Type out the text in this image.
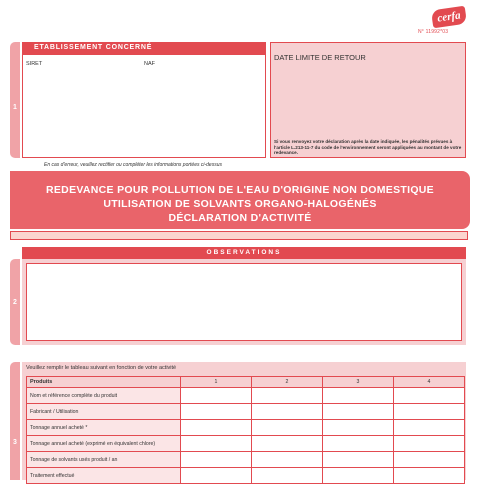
cerfa
N° 11992*03
1
ETABLISSEMENT CONCERNÉ
SIRET	NAF
DATE LIMITE DE RETOUR
Si vous renvoyez votre déclaration après la date indiquée, les pénalités prévues à l'article L.213-11-7 du code de l'environnement seront appliquées au montant de votre redevance.
En cas d'erreur, veuillez rectifier ou compléter les informations portées ci-dessus
REDEVANCE POUR POLLUTION DE L'EAU D'ORIGINE NON DOMESTIQUE
UTILISATION DE SOLVANTS ORGANO-HALOGÉNÉS
DÉCLARATION D'ACTIVITÉ
2
OBSERVATIONS
3
Veuillez remplir le tableau suivant en fonction de votre activité
Produits	1	2	3	4
Nom et référence complète du produit				
Fabricant / Utilisation				
Tonnage annuel acheté *				
Tonnage annuel acheté (exprimé en équivalent chlore)				
Tonnage de solvants usés produit / an				
Traitement effectué				
